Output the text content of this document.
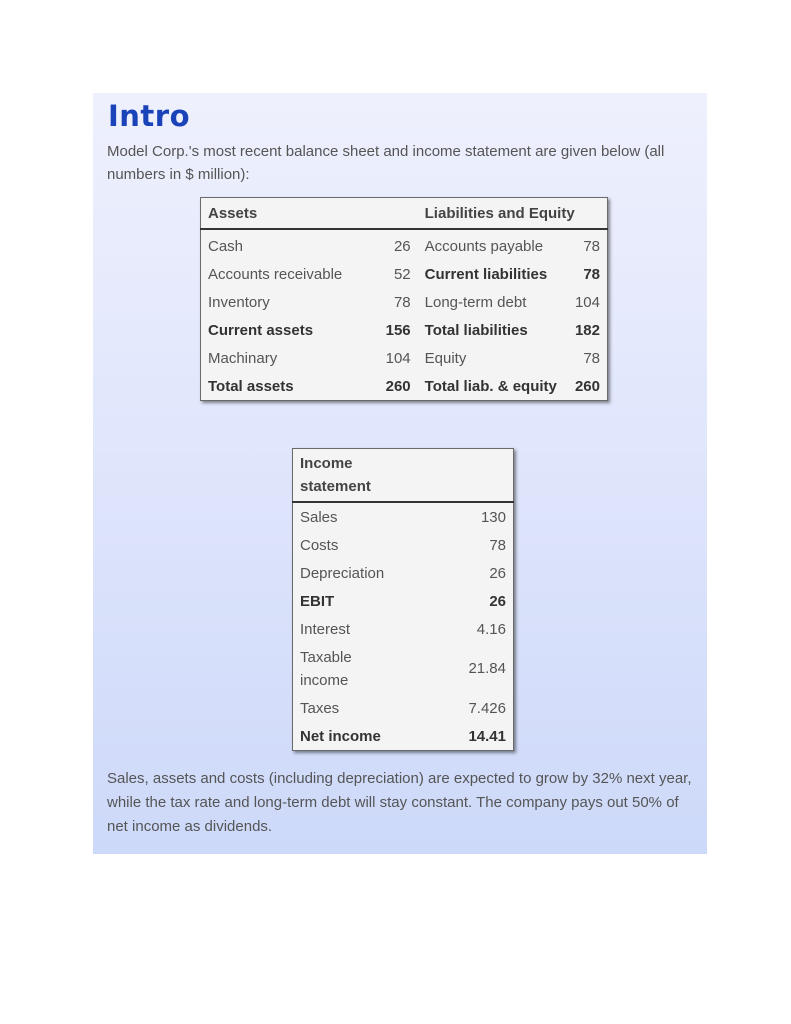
Intro

Model Corp.'s most recent balance sheet and income statement are given below (all numbers in $ million):

Assets		Liabilities and Equity	
Cash	26	Accounts payable	78
Accounts receivable	52	Current liabilities	78
Inventory	78	Long-term debt	104
Current assets	156	Total liabilities	182
Machinary	104	Equity	78
Total assets	260	Total liab. & equity	260
Income statement	

Sales	130
Costs	78
Depreciation	26
EBIT	26
Interest	4.16

Taxable income	21.84
Taxes	7.426
Net income	14.41

Sales, assets and costs (including depreciation) are expected to grow by 32% next year, while the tax rate and long-term debt will stay constant. The company pays out 50% of net income as dividends.
